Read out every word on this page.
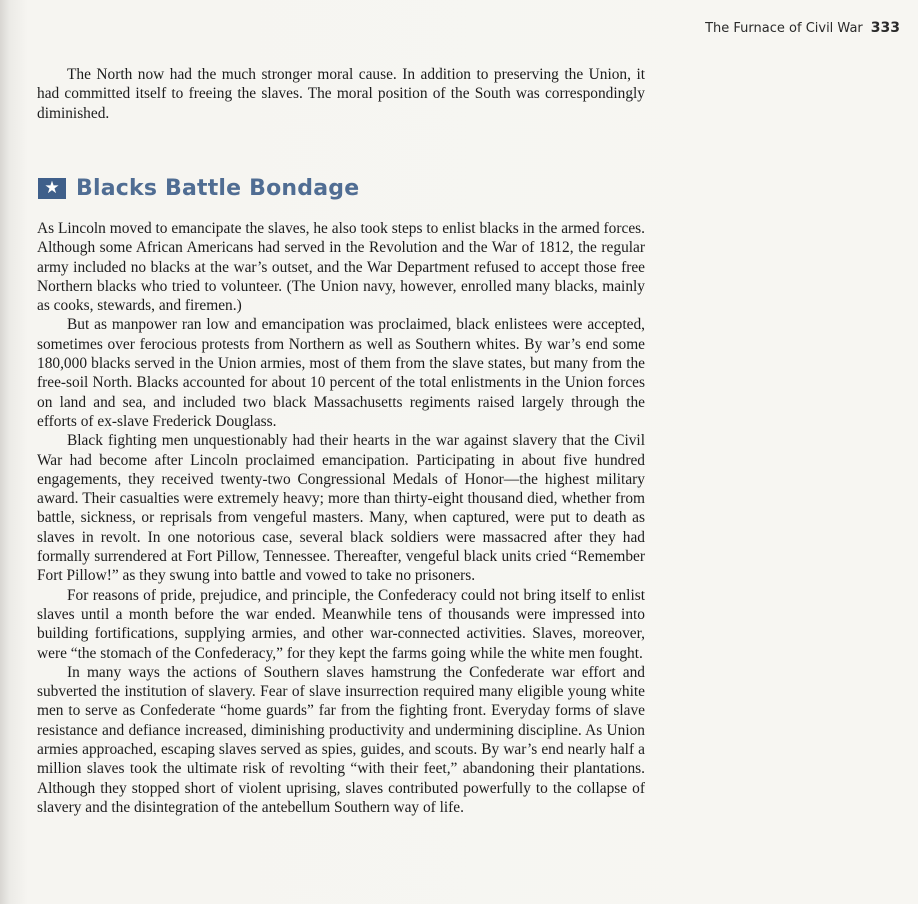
The Furnace of Civil War 333

The North now had the much stronger moral cause. In addition to preserving the Union, it had committed itself to freeing the slaves. The moral position of the South was correspondingly diminished.

★ Blacks Battle Bondage

As Lincoln moved to emancipate the slaves, he also took steps to enlist blacks in the armed forces. Although some African Americans had served in the Revolution and the War of 1812, the regular army included no blacks at the war’s outset, and the War Department refused to accept those free Northern blacks who tried to volunteer. (The Union navy, however, enrolled many blacks, mainly as cooks, stewards, and firemen.)

But as manpower ran low and emancipation was proclaimed, black enlistees were accepted, sometimes over ferocious protests from Northern as well as Southern whites. By war’s end some 180,000 blacks served in the Union armies, most of them from the slave states, but many from the free-soil North. Blacks accounted for about 10 percent of the total enlistments in the Union forces on land and sea, and included two black Massachusetts regiments raised largely through the efforts of ex-slave Frederick Douglass.

Black fighting men unquestionably had their hearts in the war against slavery that the Civil War had become after Lincoln proclaimed emancipation. Participating in about five hundred engagements, they received twenty-two Congressional Medals of Honor—the highest military award. Their casualties were extremely heavy; more than thirty-eight thousand died, whether from battle, sickness, or reprisals from vengeful masters. Many, when captured, were put to death as slaves in revolt. In one notorious case, several black soldiers were massacred after they had formally surrendered at Fort Pillow, Tennessee. Thereafter, vengeful black units cried “Remember Fort Pillow!” as they swung into battle and vowed to take no prisoners.

For reasons of pride, prejudice, and principle, the Confederacy could not bring itself to enlist slaves until a month before the war ended. Meanwhile tens of thousands were impressed into building fortifications, supplying armies, and other war-connected activities. Slaves, moreover, were “the stomach of the Confederacy,” for they kept the farms going while the white men fought.

In many ways the actions of Southern slaves hamstrung the Confederate war effort and subverted the institution of slavery. Fear of slave insurrection required many eligible young white men to serve as Confederate “home guards” far from the fighting front. Everyday forms of slave resistance and defiance increased, diminishing productivity and undermining discipline. As Union armies approached, escaping slaves served as spies, guides, and scouts. By war’s end nearly half a million slaves took the ultimate risk of revolting “with their feet,” abandoning their plantations. Although they stopped short of violent uprising, slaves contributed powerfully to the collapse of slavery and the disintegration of the antebellum Southern way of life.
